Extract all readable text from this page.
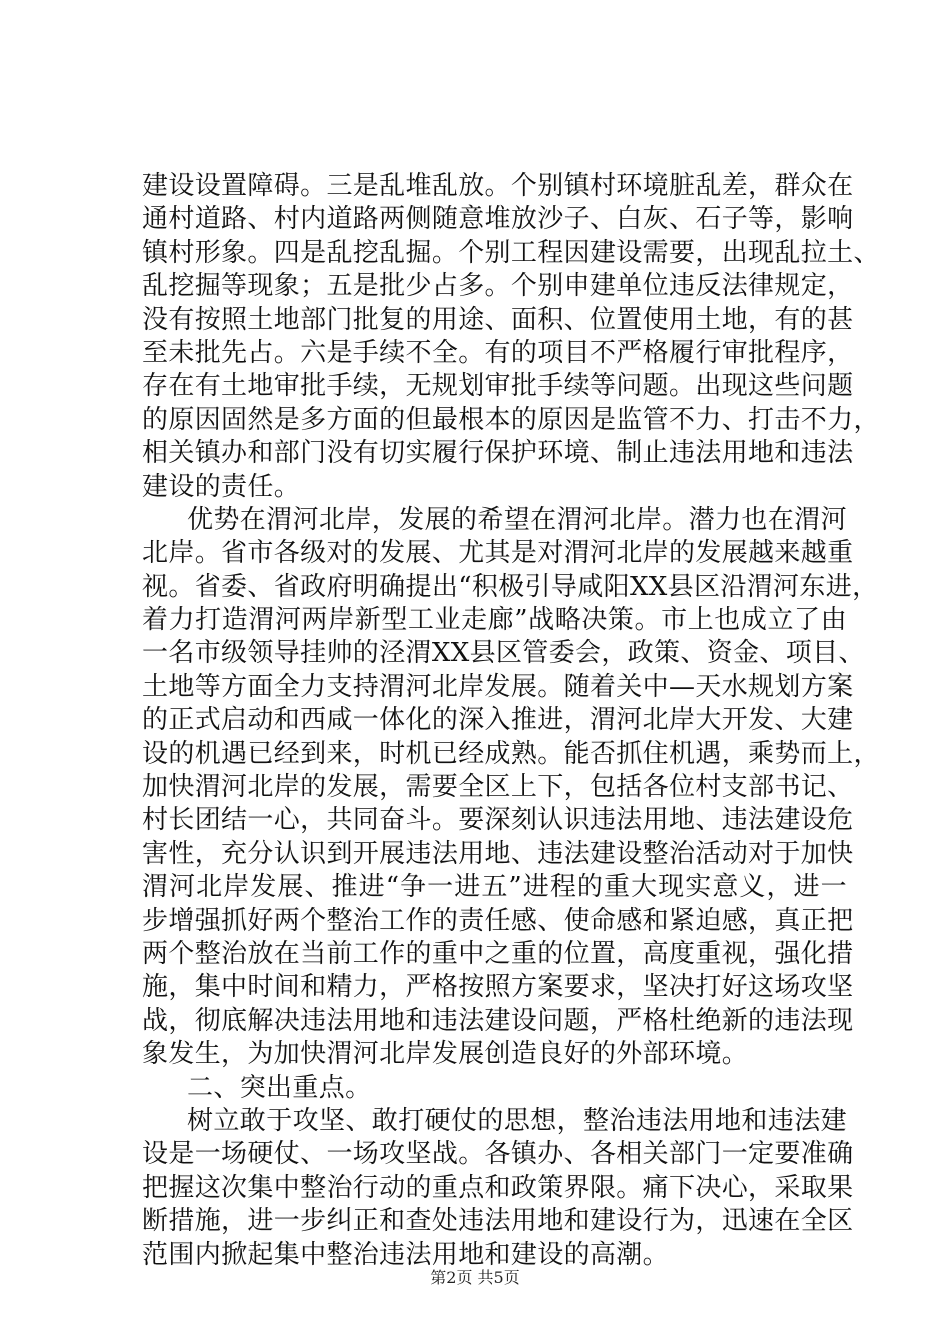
建设设置障碍。三是乱堆乱放。个别镇村环境脏乱差，群众在
通村道路、村内道路两侧随意堆放沙子、白灰、石子等，影响
镇村形象。四是乱挖乱掘。个别工程因建设需要，出现乱拉土、
乱挖掘等现象；五是批少占多。个别申建单位违反法律规定，
没有按照土地部门批复的用途、面积、位置使用土地，有的甚
至未批先占。六是手续不全。有的项目不严格履行审批程序，
存在有土地审批手续，无规划审批手续等问题。出现这些问题
的原因固然是多方面的但最根本的原因是监管不力、打击不力，
相关镇办和部门没有切实履行保护环境、制止违法用地和违法
建设的责任。
优势在渭河北岸，发展的希望在渭河北岸。潜力也在渭河
北岸。省市各级对的发展、尤其是对渭河北岸的发展越来越重
视。省委、省政府明确提出“积极引导咸阳XX县区沿渭河东进，
着力打造渭河两岸新型工业走廊”战略决策。市上也成立了由
一名市级领导挂帅的泾渭XX县区管委会，政策、资金、项目、
土地等方面全力支持渭河北岸发展。随着关中—天水规划方案
的正式启动和西咸一体化的深入推进，渭河北岸大开发、大建
设的机遇已经到来，时机已经成熟。能否抓住机遇，乘势而上，
加快渭河北岸的发展，需要全区上下，包括各位村支部书记、
村长团结一心，共同奋斗。要深刻认识违法用地、违法建设危
害性，充分认识到开展违法用地、违法建设整治活动对于加快
渭河北岸发展、推进“争一进五”进程的重大现实意义，进一
步增强抓好两个整治工作的责任感、使命感和紧迫感，真正把
两个整治放在当前工作的重中之重的位置，高度重视，强化措
施，集中时间和精力，严格按照方案要求，坚决打好这场攻坚
战，彻底解决违法用地和违法建设问题，严格杜绝新的违法现
象发生，为加快渭河北岸发展创造良好的外部环境。
二、突出重点。
树立敢于攻坚、敢打硬仗的思想，整治违法用地和违法建
设是一场硬仗、一场攻坚战。各镇办、各相关部门一定要准确
把握这次集中整治行动的重点和政策界限。痛下决心，采取果
断措施，进一步纠正和查处违法用地和建设行为，迅速在全区
范围内掀起集中整治违法用地和建设的高潮。
第2页 共5页
